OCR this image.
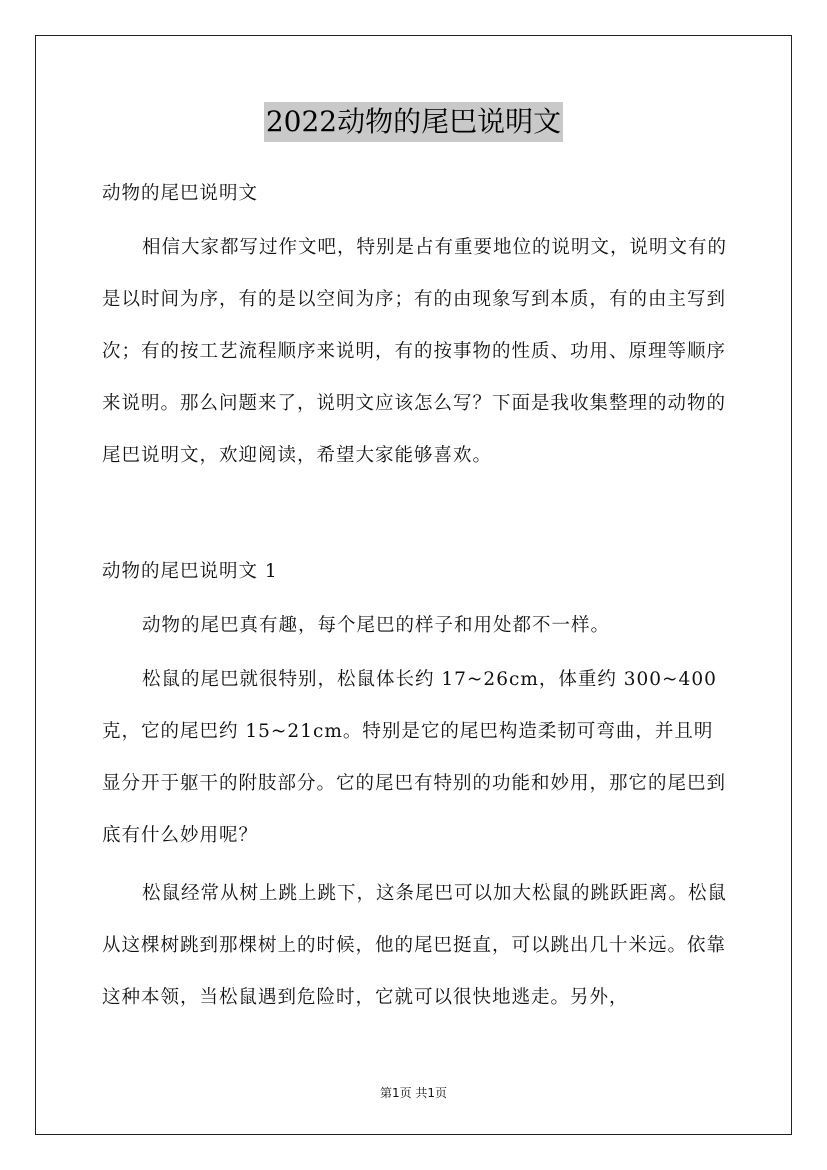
2022动物的尾巴说明文

动物的尾巴说明文

相信大家都写过作文吧，特别是占有重要地位的说明文，说明文有的是以时间为序，有的是以空间为序；有的由现象写到本质，有的由主写到次；有的按工艺流程顺序来说明，有的按事物的性质、功用、原理等顺序来说明。那么问题来了，说明文应该怎么写？下面是我收集整理的动物的尾巴说明文，欢迎阅读，希望大家能够喜欢。

动物的尾巴说明文 1

动物的尾巴真有趣，每个尾巴的样子和用处都不一样。

松鼠的尾巴就很特别，松鼠体长约 17~26cm，体重约 300~400 克，它的尾巴约 15~21cm。特别是它的尾巴构造柔韧可弯曲，并且明显分开于躯干的附肢部分。它的尾巴有特别的功能和妙用，那它的尾巴到底有什么妙用呢？

松鼠经常从树上跳上跳下，这条尾巴可以加大松鼠的跳跃距离。松鼠从这棵树跳到那棵树上的时候，他的尾巴挺直，可以跳出几十米远。依靠这种本领，当松鼠遇到危险时，它就可以很快地逃走。另外，

第1页 共1页
